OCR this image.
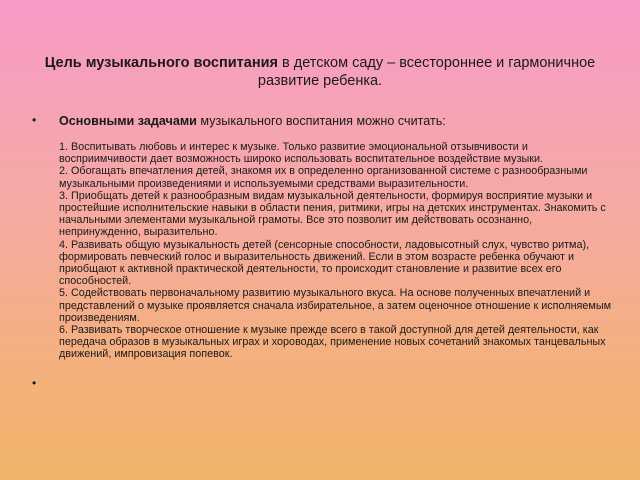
Цель музыкального воспитания в детском саду – всестороннее и гармоничное развитие ребенка.
• Основными задачами музыкального воспитания можно считать:

1. Воспитывать любовь и интерес к музыке. Только развитие эмоциональной отзывчивости и восприимчивости дает возможность широко использовать воспитательное воздействие музыки.
2. Обогащать впечатления детей, знакомя их в определенно организованной системе с разнообразными музыкальными произведениями и используемыми средствами выразительности.
3. Приобщать детей к разнообразным видам музыкальной деятельности, формируя восприятие музыки и простейшие исполнительские навыки в области пения, ритмики, игры на детских инструментах. Знакомить с начальными элементами музыкальной грамоты. Все это позволит им действовать осознанно, непринужденно, выразительно.
4. Развивать общую музыкальность детей (сенсорные способности, ладовысотный слух, чувство ритма), формировать певческий голос и выразительность движений. Если в этом возрасте ребенка обучают и приобщают к активной практической деятельности, то происходит становление и развитие всех его способностей.
5. Содействовать первоначальному развитию музыкального вкуса. На основе полученных впечатлений и представлений о музыке проявляется сначала избирательное, а затем оценочное отношение к исполняемым произведениям.
6. Развивать творческое отношение к музыке прежде всего в такой доступной для детей деятельности, как передача образов в музыкальных играх и хороводах, применение новых сочетаний знакомых танцевальных движений, импровизация попевок.
•
